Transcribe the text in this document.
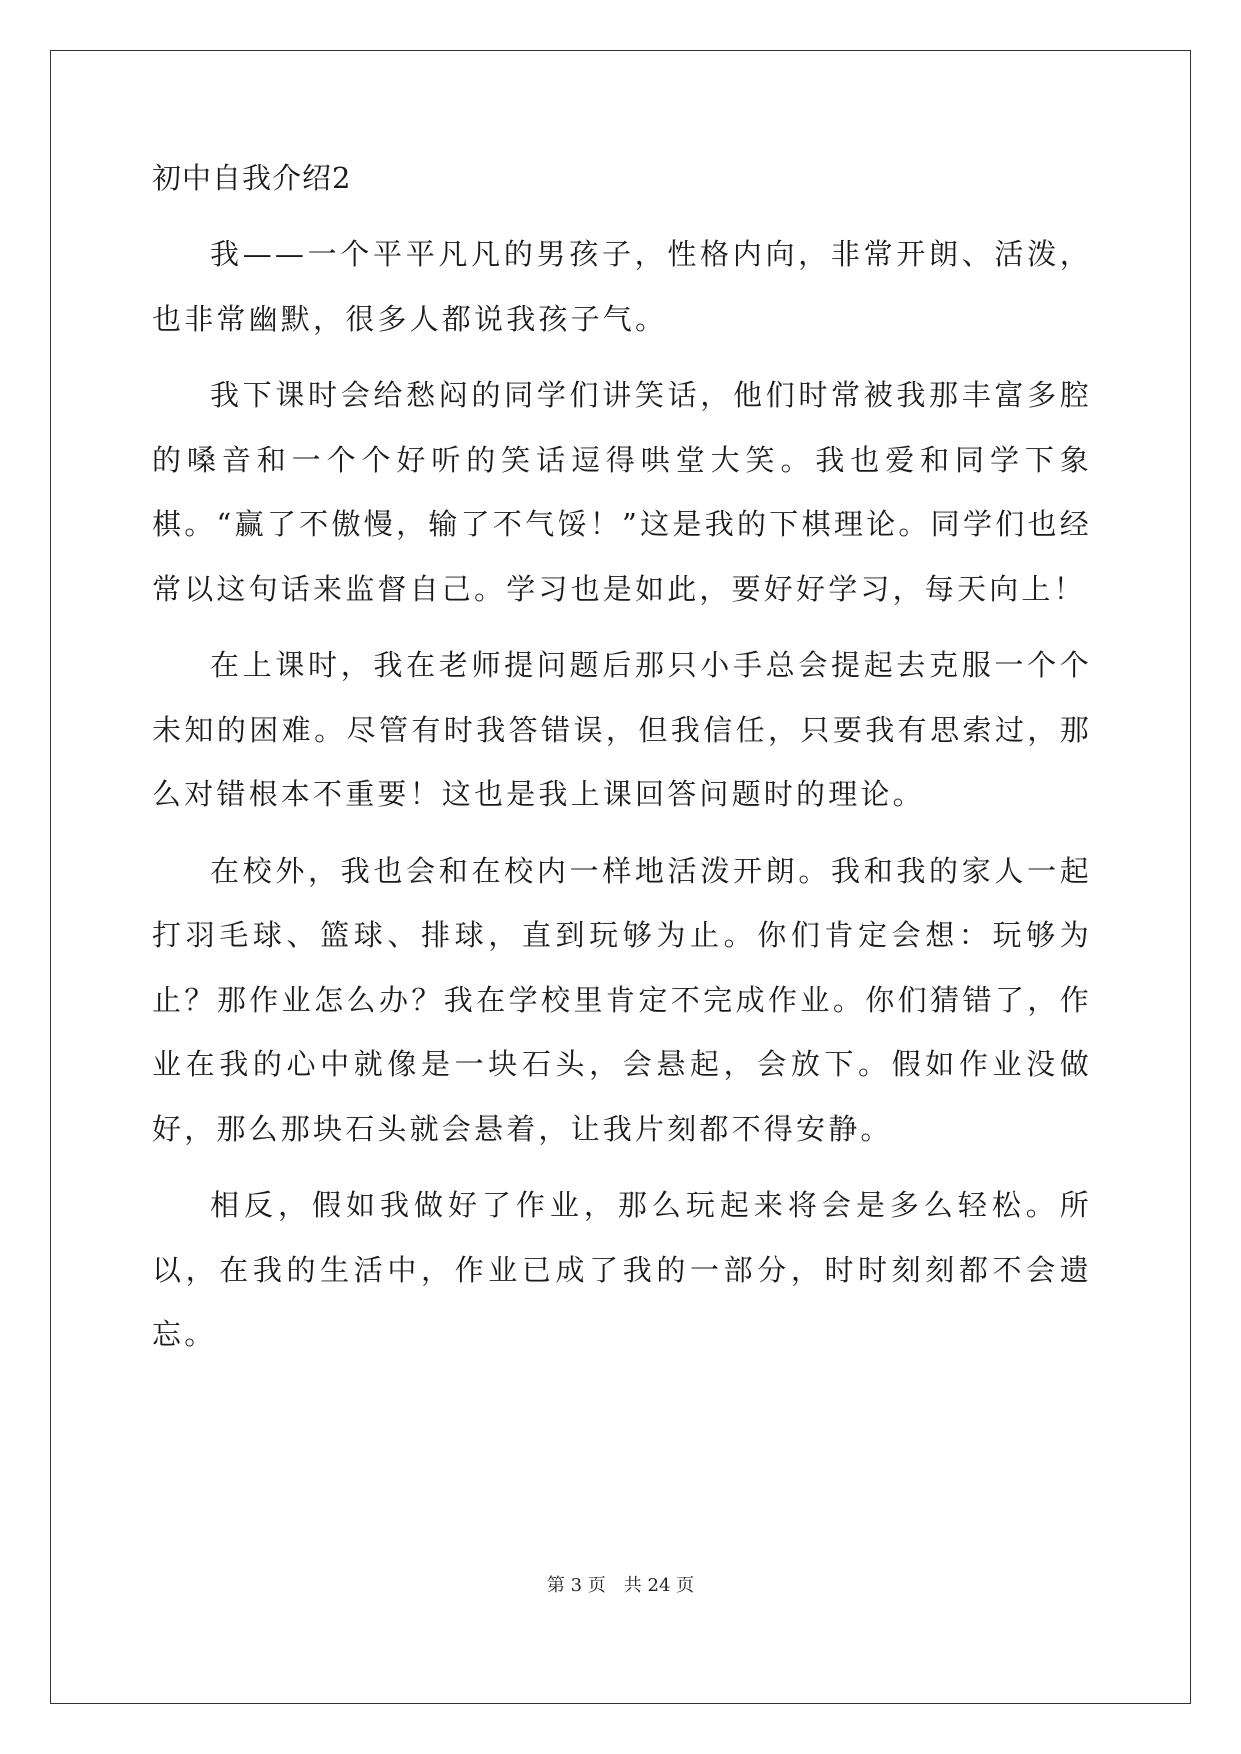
初中自我介绍2

我——一个平平凡凡的男孩子，性格内向，非常开朗、活泼，也非常幽默，很多人都说我孩子气。

我下课时会给愁闷的同学们讲笑话，他们时常被我那丰富多腔的嗓音和一个个好听的笑话逗得哄堂大笑。我也爱和同学下象棋。“赢了不傲慢，输了不气馁！”这是我的下棋理论。同学们也经常以这句话来监督自己。学习也是如此，要好好学习，每天向上！

在上课时，我在老师提问题后那只小手总会提起去克服一个个未知的困难。尽管有时我答错误，但我信任，只要我有思索过，那么对错根本不重要！这也是我上课回答问题时的理论。

在校外，我也会和在校内一样地活泼开朗。我和我的家人一起打羽毛球、篮球、排球，直到玩够为止。你们肯定会想：玩够为止？那作业怎么办？我在学校里肯定不完成作业。你们猜错了，作业在我的心中就像是一块石头，会悬起，会放下。假如作业没做好，那么那块石头就会悬着，让我片刻都不得安静。

相反，假如我做好了作业，那么玩起来将会是多么轻松。所以，在我的生活中，作业已成了我的一部分，时时刻刻都不会遗忘。

第 3 页 共 24 页
